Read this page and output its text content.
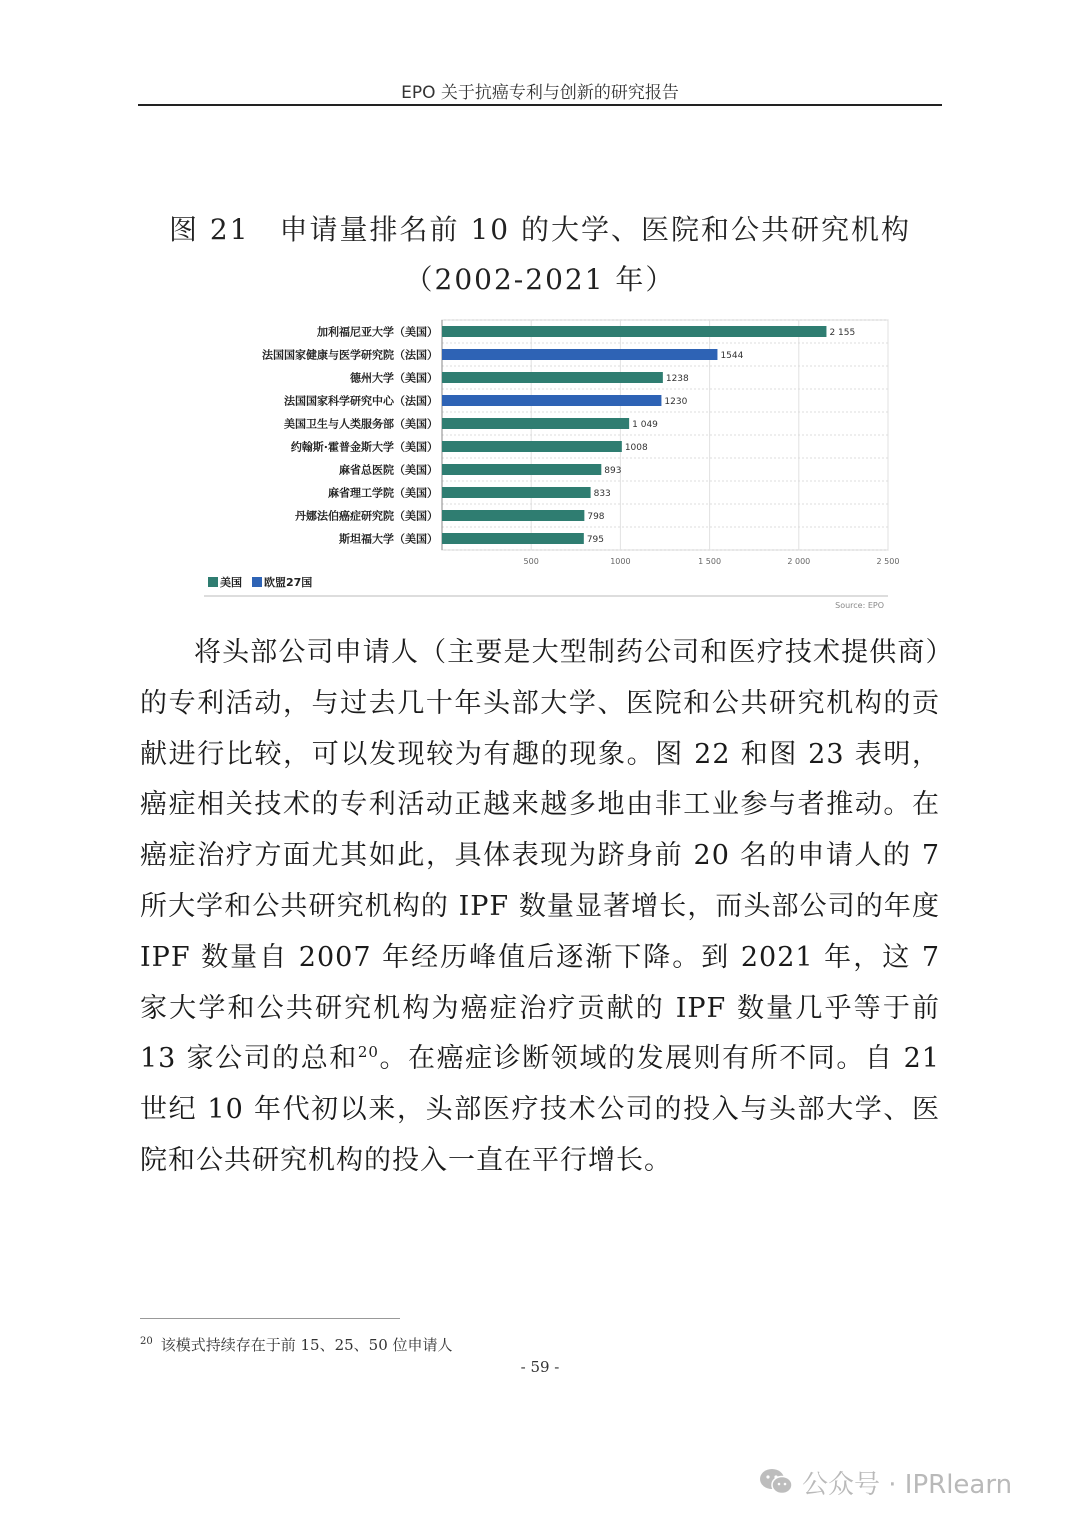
EPO 关于抗癌专利与创新的研究报告
图 21　申请量排名前 10 的大学、医院和公共研究机构
（2002-2021 年）
500	1000	1 500	2 000	2 500
加利福尼亚大学（美国）	2 155
法国国家健康与医学研究院（法国）	1544
德州大学（美国）	1238
法国国家科学研究中心（法国）	1230
美国卫生与人类服务部（美国）	1 049
约翰斯·霍普金斯大学（美国）	1008
麻省总医院（美国）	893
麻省理工学院（美国）	833
丹娜法伯癌症研究院（美国）	798
斯坦福大学（美国）	795
美国 欧盟27国
Source: EPO

将头部公司申请人（主要是大型制药公司和医疗技术提供商）的专利活动，与过去几十年头部大学、医院和公共研究机构的贡献进行比较，可以发现较为有趣的现象。图 22 和图 23 表明，癌症相关技术的专利活动正越来越多地由非工业参与者推动。在癌症治疗方面尤其如此，具体表现为跻身前 20 名的申请人的 7 所大学和公共研究机构的 IPF 数量显著增长，而头部公司的年度 IPF 数量自 2007 年经历峰值后逐渐下降。到 2021 年，这 7 家大学和公共研究机构为癌症治疗贡献的 IPF 数量几乎等于前 13 家公司的总和$^{20}$。在癌症诊断领域的发展则有所不同。自 21 世纪 10 年代初以来，头部医疗技术公司的投入与头部大学、医院和公共研究机构的投入一直在平行增长。

$^{20}$ 该模式持续存在于前 15、25、50 位申请人
- 59 -
公众号 · IPRlearn
